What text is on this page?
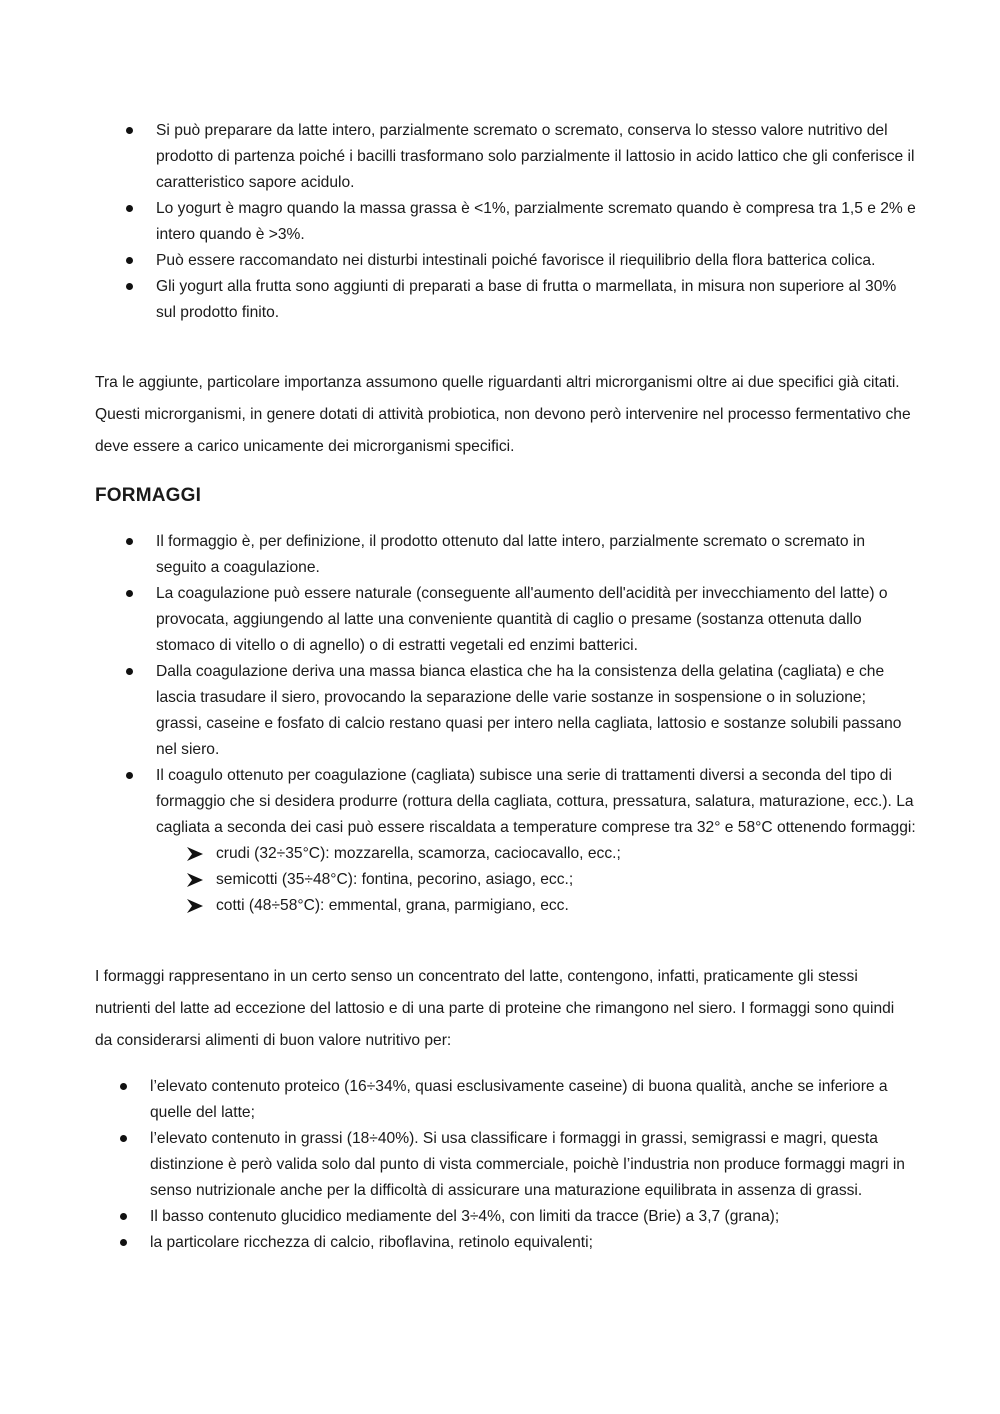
Si può preparare da latte intero, parzialmente scremato o scremato, conserva lo stesso valore nutritivo del prodotto di partenza poiché i bacilli trasformano solo parzialmente il lattosio in acido lattico che gli conferisce il caratteristico sapore acidulo.
Lo yogurt è magro quando la massa grassa è <1%, parzialmente scremato quando è compresa tra 1,5 e 2% e intero quando è >3%.
Può essere raccomandato nei disturbi intestinali poiché favorisce il riequilibrio della flora batterica colica.
Gli yogurt alla frutta sono aggiunti di preparati a base di frutta o marmellata, in misura non superiore al 30% sul prodotto finito.

Tra le aggiunte, particolare importanza assumono quelle riguardanti altri microrganismi oltre ai due specifici già citati. Questi microrganismi, in genere dotati di attività probiotica, non devono però intervenire nel processo fermentativo che deve essere a carico unicamente dei microrganismi specifici.

FORMAGGI
Il formaggio è, per definizione, il prodotto ottenuto dal latte intero, parzialmente scremato o scremato in seguito a coagulazione.
La coagulazione può essere naturale (conseguente all'aumento dell'acidità per invecchiamento del latte) o provocata, aggiungendo al latte una conveniente quantità di caglio o presame (sostanza ottenuta dallo stomaco di vitello o di agnello) o di estratti vegetali ed enzimi batterici.
Dalla coagulazione deriva una massa bianca elastica che ha la consistenza della gelatina (cagliata) e che lascia trasudare il siero, provocando la separazione delle varie sostanze in sospensione o in soluzione; grassi, caseine e fosfato di calcio restano quasi per intero nella cagliata, lattosio e sostanze solubili passano nel siero.
Il coagulo ottenuto per coagulazione (cagliata) subisce una serie di trattamenti diversi a seconda del tipo di formaggio che si desidera produrre (rottura della cagliata, cottura, pressatura, salatura, maturazione, ecc.). La cagliata a seconda dei casi può essere riscaldata a temperature comprese tra 32° e 58°C ottenendo formaggi:
crudi (32÷35°C): mozzarella, scamorza, caciocavallo, ecc.;
semicotti (35÷48°C): fontina, pecorino, asiago, ecc.;
cotti (48÷58°C): emmental, grana, parmigiano, ecc.

I formaggi rappresentano in un certo senso un concentrato del latte, contengono, infatti, praticamente gli stessi nutrienti del latte ad eccezione del lattosio e di una parte di proteine che rimangono nel siero. I formaggi sono quindi da considerarsi alimenti di buon valore nutritivo per:

l’elevato contenuto proteico (16÷34%, quasi esclusivamente caseine) di buona qualità, anche se inferiore a quelle del latte;
l’elevato contenuto in grassi (18÷40%). Si usa classificare i formaggi in grassi, semigrassi e magri, questa distinzione è però valida solo dal punto di vista commerciale, poichè l’industria non produce formaggi magri in senso nutrizionale anche per la difficoltà di assicurare una maturazione equilibrata in assenza di grassi.
Il basso contenuto glucidico mediamente del 3÷4%, con limiti da tracce (Brie) a 3,7 (grana);
la particolare ricchezza di calcio, riboflavina, retinolo equivalenti;
